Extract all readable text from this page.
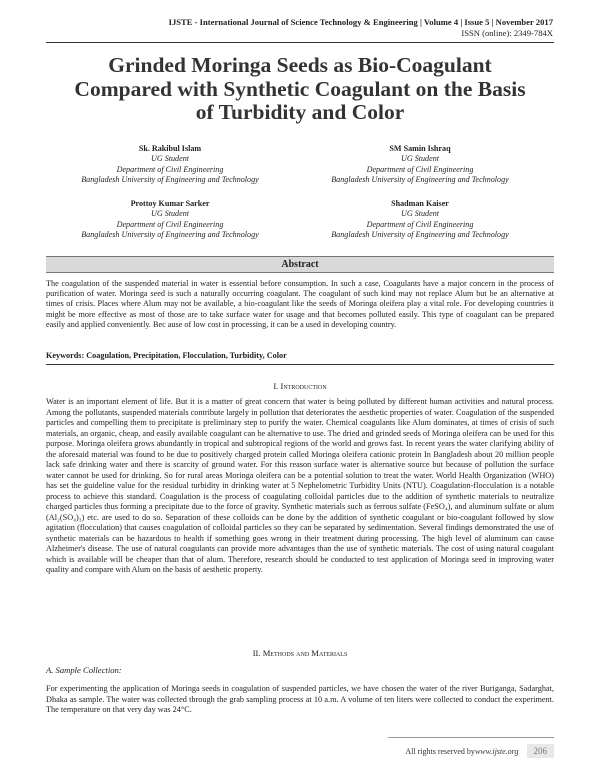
IJSTE - International Journal of Science Technology & Engineering | Volume 4 | Issue 5 | November 2017
ISSN (online): 2349-784X
Grinded Moringa Seeds as Bio-Coagulant
Compared with Synthetic Coagulant on the Basis
of Turbidity and Color
Sk. Rakibul Islam
UG Student
Department of Civil Engineering
Bangladesh University of Engineering and Technology
SM Samin Ishraq
UG Student
Department of Civil Engineering
Bangladesh University of Engineering and Technology
Prottoy Kumar Sarker
UG Student
Department of Civil Engineering
Bangladesh University of Engineering and Technology
Shadman Kaiser
UG Student
Department of Civil Engineering
Bangladesh University of Engineering and Technology
Abstract
The coagulation of the suspended material in water is essential before consumption. In such a case, Coagulants have a major concern in the process of purification of water. Moringa seed is such a naturally occurring coagulant. The coagulant of such kind may not replace Alum but be an alternative at times of crisis. Places where Alum may not be available, a bio-coagulant like the seeds of Moringa oleifera play a vital role. For developing countries it might be more effective as most of those are to take surface water for usage and that becomes polluted easily. This type of coagulant can be prepared easily and applied conveniently. Bec ause of low cost in processing, it can be a used in developing country.
Keywords: Coagulation, Precipitation, Flocculation, Turbidity, Color
I. Introduction
Water is an important element of life. But it is a matter of great concern that water is being polluted by different human activities and natural process. Among the pollutants, suspended materials contribute largely in pollution that deteriorates the aesthetic properties of water. Coagulation of the suspended particles and compelling them to precipitate is preliminary step to purify the water. Chemical coagulants like Alum dominates, at times of crisis of such materials, an organic, cheap, and easily available coagulant can be alternative to use. The dried and grinded seeds of Moringa oleifera can be used for this purpose. Moringa oleifera grows abundantly in tropical and subtropical regions of the world and grows fast. In recent years the water clarifying ability of the aforesaid material was found to be due to positively charged protein called Moringa oleifera cationic protein In Bangladesh about 20 million people lack safe drinking water and there is scarcity of ground water. For this reason surface water is alternative source but because of pollution the surface water cannot be used for drinking. So for rural areas Moringa oleifera can be a potential solution to treat the water. World Health Organization (WHO) has set the guideline value for the residual turbidity in drinking water at 5 Nephelometric Turbidity Units (NTU). Coagulation-flocculation is a notable process to achieve this standard. Coagulation is the process of coagulating colloidal particles due to the addition of synthetic materials to neutralize charged particles thus forming a precipitate due to the force of gravity. Synthetic materials such as ferrous sulfate (FeSO₄), and aluminum sulfate or alum (Al₂(SO₄)₃) etc. are used to do so. Separation of these colloids can be done by the addition of synthetic coagulant or bio-coagulant followed by slow agitation (flocculation) that causes coagulation of colloidal particles so they can be separated by sedimentation. Several findings demonstrated the use of synthetic materials can be hazardous to health if something goes wrong in their treatment during processing. The high level of aluminum can cause Alzheimer's disease. The use of natural coagulants can provide more advantages than the use of synthetic materials. The cost of using natural coagulant which is available will be cheaper than that of alum. Therefore, research should be conducted to test application of Moringa seed in improving water quality and compare with Alum on the basis of aesthetic property.
II. Methods and Materials
A. Sample Collection:
For experimenting the application of Moringa seeds in coagulation of suspended particles, we have chosen the water of the river Buriganga, Sadarghat, Dhaka as sample. The water was collected through the grab sampling process at 10 a.m. A volume of ten liters were collected to conduct the experiment. The temperature on that very day was 24°C.
All rights reserved by www.ijste.org	206
